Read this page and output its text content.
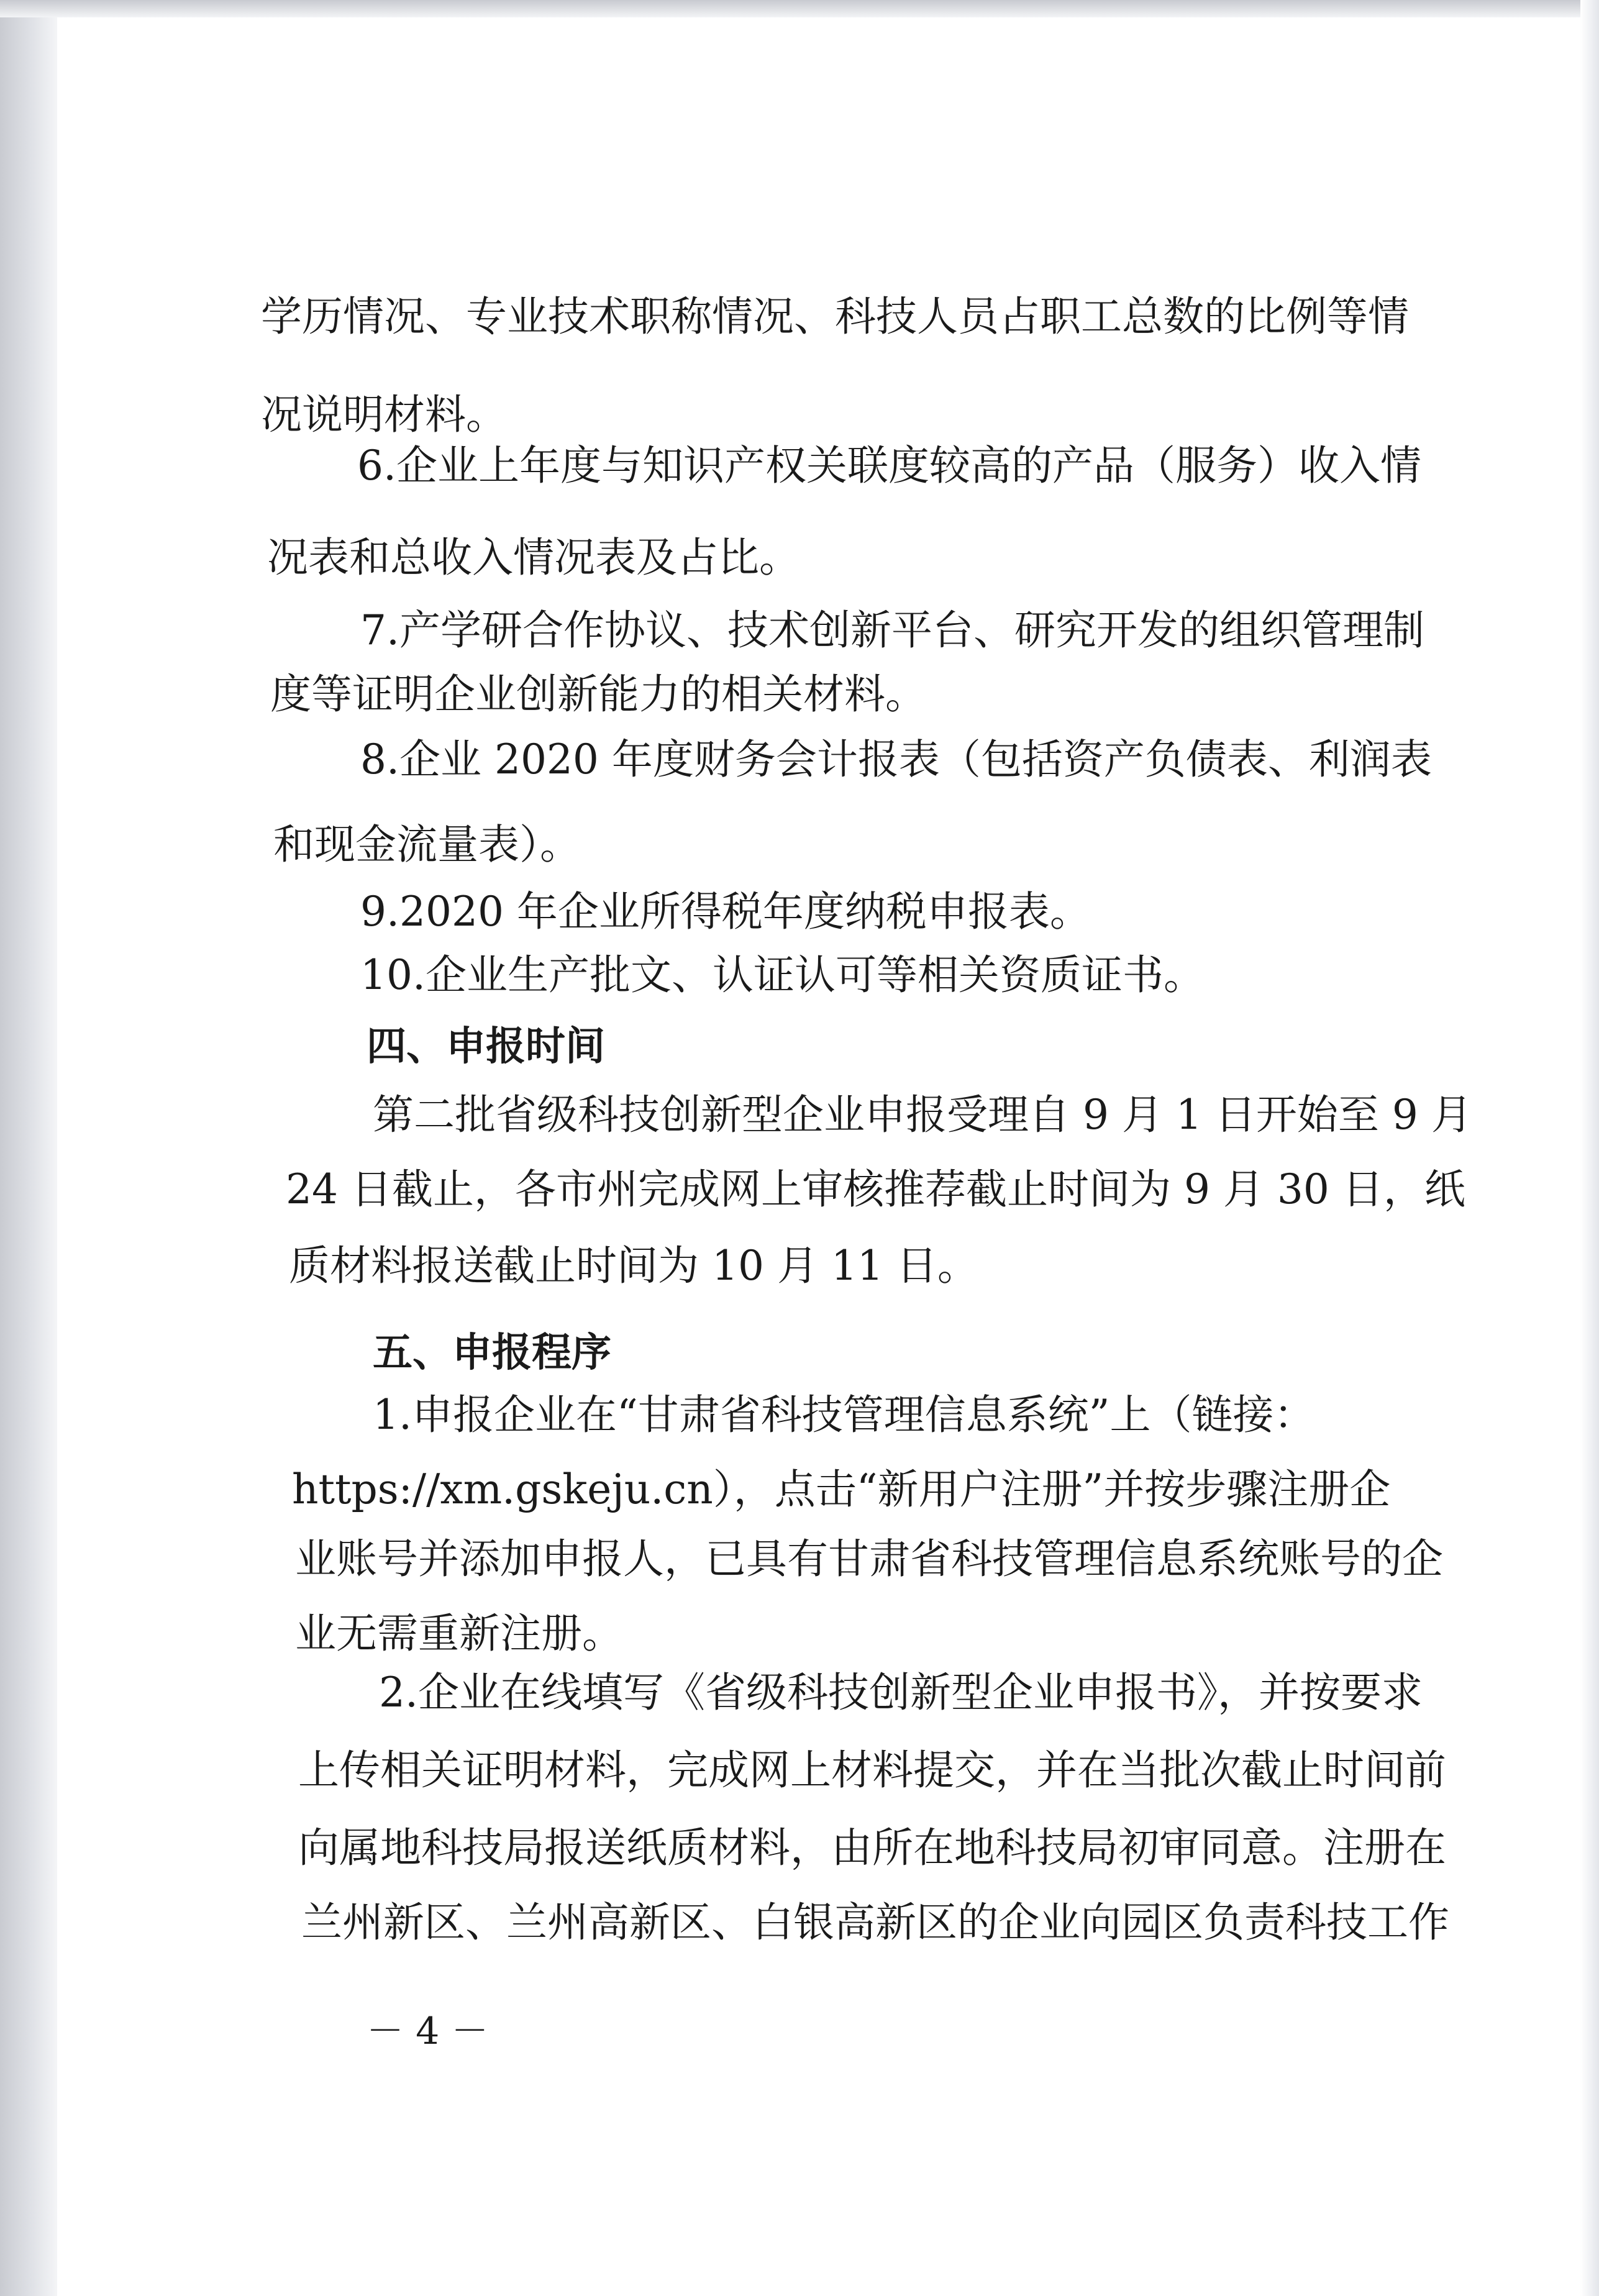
学历情况、专业技术职称情况、科技人员占职工总数的比例等情
况说明材料。
6.企业上年度与知识产权关联度较高的产品（服务）收入情
况表和总收入情况表及占比。
7.产学研合作协议、技术创新平台、研究开发的组织管理制
度等证明企业创新能力的相关材料。
8.企业 2020 年度财务会计报表（包括资产负债表、利润表
和现金流量表）。
9.2020 年企业所得税年度纳税申报表。
10.企业生产批文、认证认可等相关资质证书。
四、申报时间
第二批省级科技创新型企业申报受理自 9 月 1 日开始至 9 月
24 日截止，各市州完成网上审核推荐截止时间为 9 月 30 日，纸
质材料报送截止时间为 10 月 11 日。
五、申报程序
1.申报企业在“甘肃省科技管理信息系统”上（链接：
https://xm.gskeju.cn），点击“新用户注册”并按步骤注册企
业账号并添加申报人，已具有甘肃省科技管理信息系统账号的企
业无需重新注册。
2.企业在线填写《省级科技创新型企业申报书》，并按要求
上传相关证明材料，完成网上材料提交，并在当批次截止时间前
向属地科技局报送纸质材料，由所在地科技局初审同意。注册在
兰州新区、兰州高新区、白银高新区的企业向园区负责科技工作
－ 4 －
